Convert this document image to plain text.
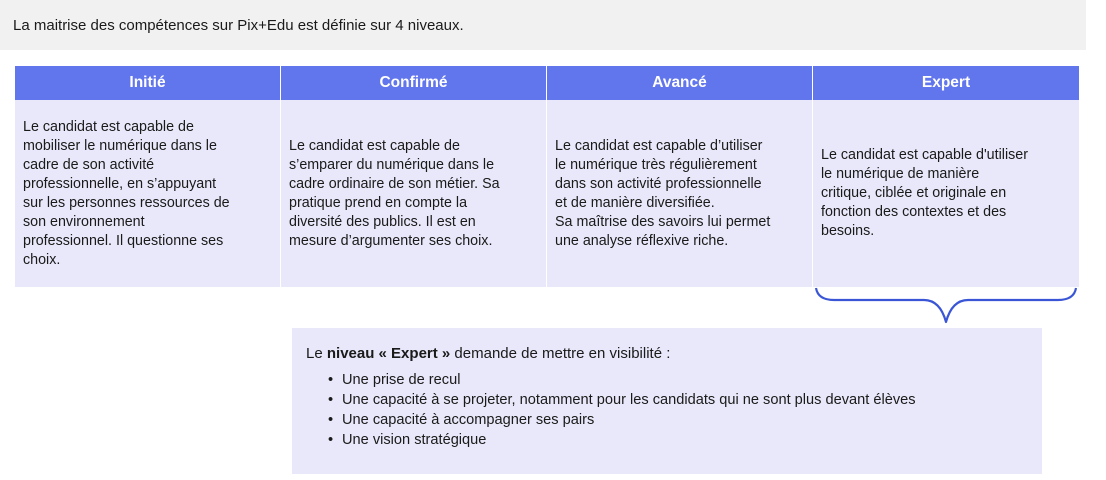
La maitrise des compétences sur Pix+Edu est définie sur 4 niveaux.
Initié
Le candidat est capable de
mobiliser le numérique dans le
cadre de son activité
professionnelle, en s’appuyant
sur les personnes ressources de
son environnement
professionnel. Il questionne ses
choix.
Confirmé
Le candidat est capable de
s’emparer du numérique dans le
cadre ordinaire de son métier. Sa
pratique prend en compte la
diversité des publics. Il est en
mesure d’argumenter ses choix.
Avancé
Le candidat est capable d’utiliser
le numérique très régulièrement
dans son activité professionnelle
et de manière diversifiée.
Sa maîtrise des savoirs lui permet
une analyse réflexive riche.
Expert
Le candidat est capable d'utiliser
le numérique de manière
critique, ciblée et originale en
fonction des contextes et des
besoins.
Le niveau « Expert » demande de mettre en visibilité :
• Une prise de recul
• Une capacité à se projeter, notamment pour les candidats qui ne sont plus devant élèves
• Une capacité à accompagner ses pairs
• Une vision stratégique
